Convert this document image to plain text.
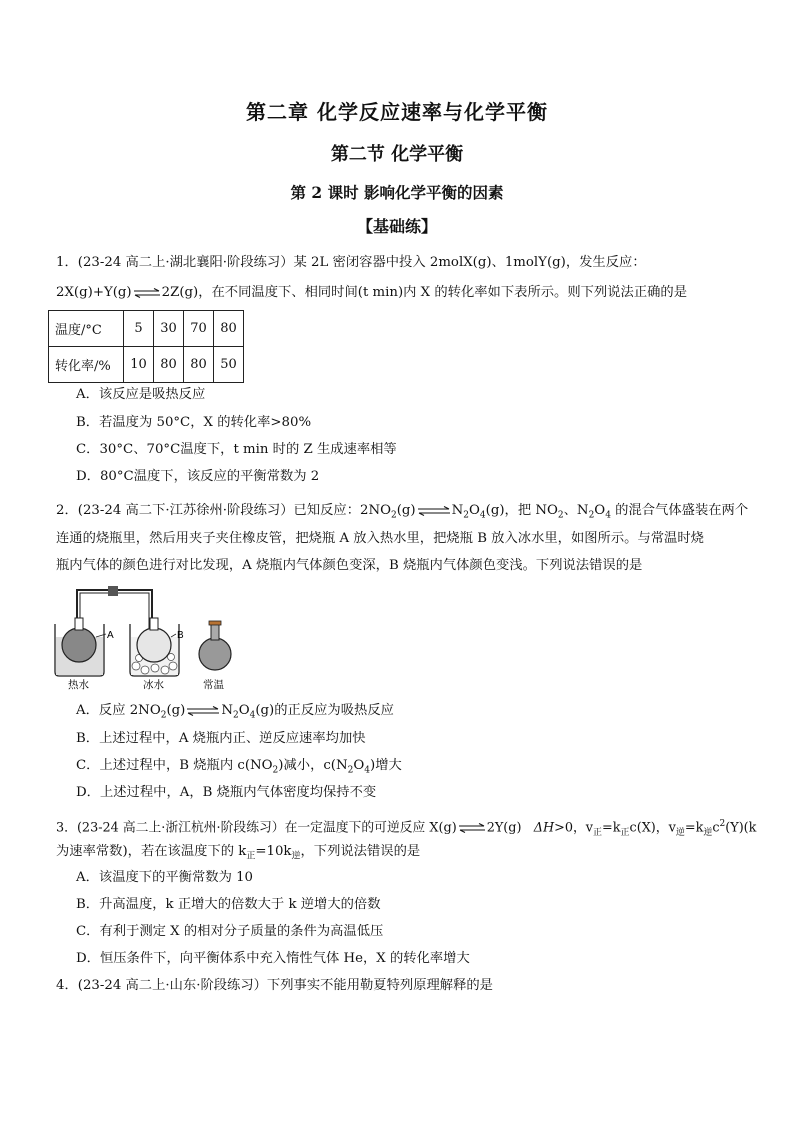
第二章 化学反应速率与化学平衡
第二节 化学平衡
第 2 课时 影响化学平衡的因素
【基础练】
1．(23-24 高二上·湖北襄阳·阶段练习）某 2L 密闭容器中投入 2molX(g)、1molY(g)，发生反应：
2X(g)+Y(g)⇌2Z(g)，在不同温度下、相同时间(t min)内 X 的转化率如下表所示。则下列说法正确的是
温度/°C	5	30	70	80
转化率/%	10	80	80	50
A．该反应是吸热反应
B．若温度为 50°C，X 的转化率>80%
C．30°C、70°C温度下，t min 时的 Z 生成速率相等
D．80°C温度下，该反应的平衡常数为 2
2．(23-24 高二下·江苏徐州·阶段练习）已知反应：$2NO_2(g)\rightleftharpoons N_2O_4(g)$，把 $NO_2$、$N_2O_4$ 的混合气体盛装在两个
连通的烧瓶里，然后用夹子夹住橡皮管，把烧瓶 A 放入热水里，把烧瓶 B 放入冰水里，如图所示。与常温时烧
瓶内气体的颜色进行对比发现，A 烧瓶内气体颜色变深，B 烧瓶内气体颜色变浅。下列说法错误的是
A	B
热水	冰水	常温
A．反应 $2NO_2(g)\rightleftharpoons N_2O_4(g)$的正反应为吸热反应
B．上述过程中，A 烧瓶内正、逆反应速率均加快
C．上述过程中，B 烧瓶内 $c(NO_2)$减小，$c(N_2O_4)$增大
D．上述过程中，A，B 烧瓶内气体密度均保持不变
3．(23-24 高二上·浙江杭州·阶段练习）在一定温度下的可逆反应 X(g)⇌2Y(g) ΔH>0，$v_正=k_正c(X)$，$v_逆=k_逆c^2(Y)(k$
为速率常数)，若在该温度下的 $k_正=10k_逆$，下列说法错误的是
A．该温度下的平衡常数为 10
B．升高温度，k 正增大的倍数大于 k 逆增大的倍数
C．有利于测定 X 的相对分子质量的条件为高温低压
D．恒压条件下，向平衡体系中充入惰性气体 He，X 的转化率增大
4．(23-24 高二上·山东·阶段练习）下列事实不能用勒夏特列原理解释的是
